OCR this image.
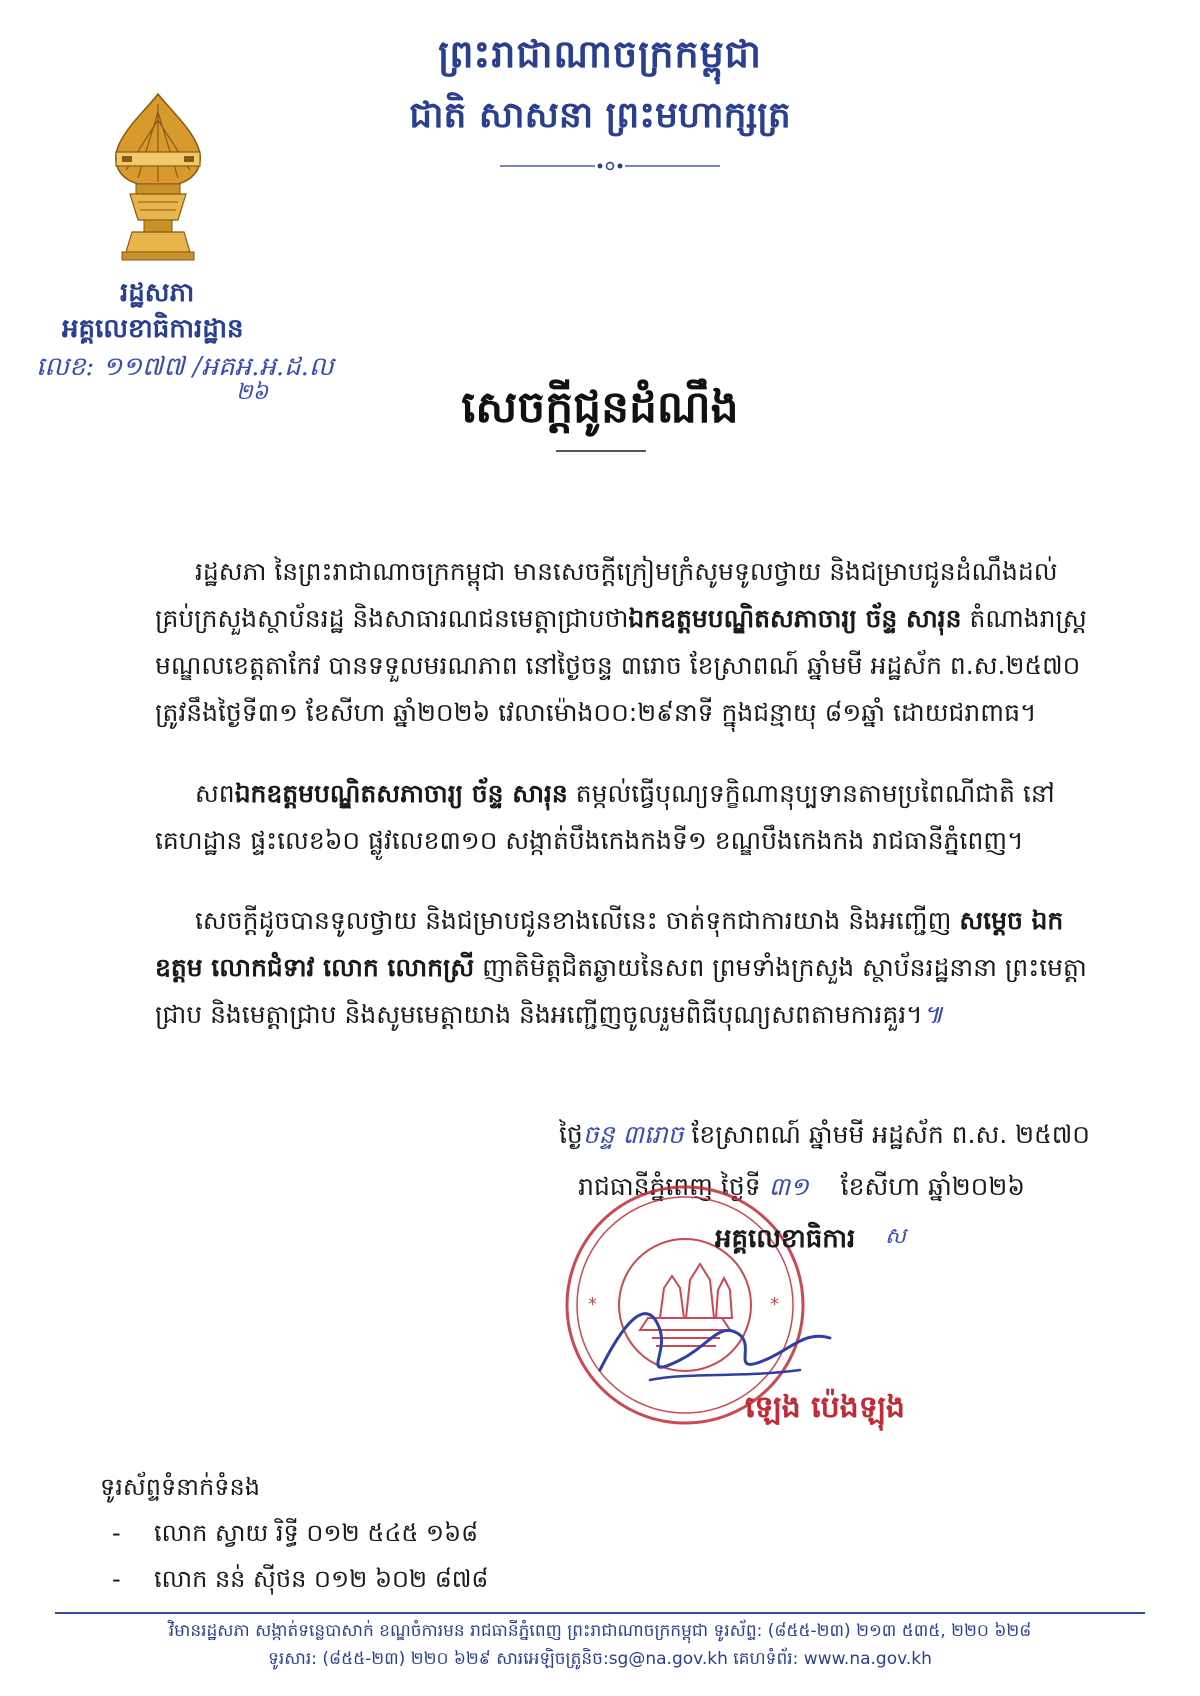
ព្រះរាជាណាចក្រកម្ពុជា
ជាតិ សាសនា ព្រះមហាក្សត្រ
រដ្ឋសភា
អគ្គលេខាធិការដ្ឋាន
លេខ: ១១៧៧ /អគអ.អ.ដ.ល
២៦	សេចក្តីជូនដំណឹង
រដ្ឋសភា នៃព្រះរាជាណាចក្រកម្ពុជា មានសេចក្តីក្រៀមក្រំសូមទូលថ្វាយ និងជម្រាបជូនដំណឹងដល់ គ្រប់ក្រសួងស្ថាប័នរដ្ឋ និងសាធារណជនមេត្តាជ្រាបថាឯកឧត្តមបណ្ឌិតសភាចារ្យ ច័ន្ទ សារុន តំណាងរាស្ត្រមណ្ឌលខេត្តតាកែវ បានទទួលមរណភាព នៅថ្ងៃចន្ទ ៣រោច ខែស្រាពណ៍ ឆ្នាំមមី អដ្ឋស័ក ព.ស.២៥៧០ ត្រូវនឹងថ្ងៃទី៣១ ខែសីហា ឆ្នាំ២០២៦ វេលាម៉ោង០០:២៩នាទី ក្នុងជន្មាយុ ៨១ឆ្នាំ ដោយជរាពាធ។
សពឯកឧត្តមបណ្ឌិតសភាចារ្យ ច័ន្ទ សារុន តម្កល់ធ្វើបុណ្យទក្ខិណានុប្បទានតាមប្រពៃណីជាតិ នៅគេហដ្ឋាន ផ្ទះលេខ៦០ ផ្លូវលេខ៣១០ សង្កាត់បឹងកេងកងទី១ ខណ្ឌបឹងកេងកង រាជធានីភ្នំពេញ។
សេចក្តីដូចបានទូលថ្វាយ និងជម្រាបជូនខាងលើនេះ ចាត់ទុកជាការយាង និងអញ្ជើញ សម្តេច ឯកឧត្តម លោកជំទាវ លោក លោកស្រី ញាតិមិត្តជិតឆ្ងាយនៃសព ព្រមទាំងក្រសួង ស្ថាប័នរដ្ឋនានា ព្រះមេត្តាជ្រាប និងមេត្តាជ្រាប និងសូមមេត្តាយាង និងអញ្ជើញចូលរួមពិធីបុណ្យសពតាមការគួរ។៕
ថ្ងៃចន្ទ ៣រោច ខែស្រាពណ៍ ឆ្នាំមមី អដ្ឋស័ក ព.ស. ២៥៧០
រាជធានីភ្នំពេញ ថ្ងៃទី ៣១ ខែសីហា ឆ្នាំ២០២៦
*	*
អគ្គលេខាធិការ ស
ឡេង ប៉េងឡុង
ទូរស័ព្ទទំនាក់ទំនង
- លោក ស្វាយ រិទ្ធី ០១២ ៥៤៥ ១៦៨
- លោក នន់ ស៊ីថន ០១២ ៦០២ ៨៧៨
វិមានរដ្ឋសភា សង្កាត់ទន្លេបាសាក់ ខណ្ឌចំការមន រាជធានីភ្នំពេញ ព្រះរាជាណាចក្រកម្ពុជា ទូរស័ព្ទ: (៨៥៥-២៣) ២១៣ ៥៣៥, ២២០ ៦២៨
ទូរសារ: (៨៥៥-២៣) ២២០ ៦២៩ សារអេឡិចត្រូនិច:sg@na.gov.kh គេហទំព័រ: www.na.gov.kh
